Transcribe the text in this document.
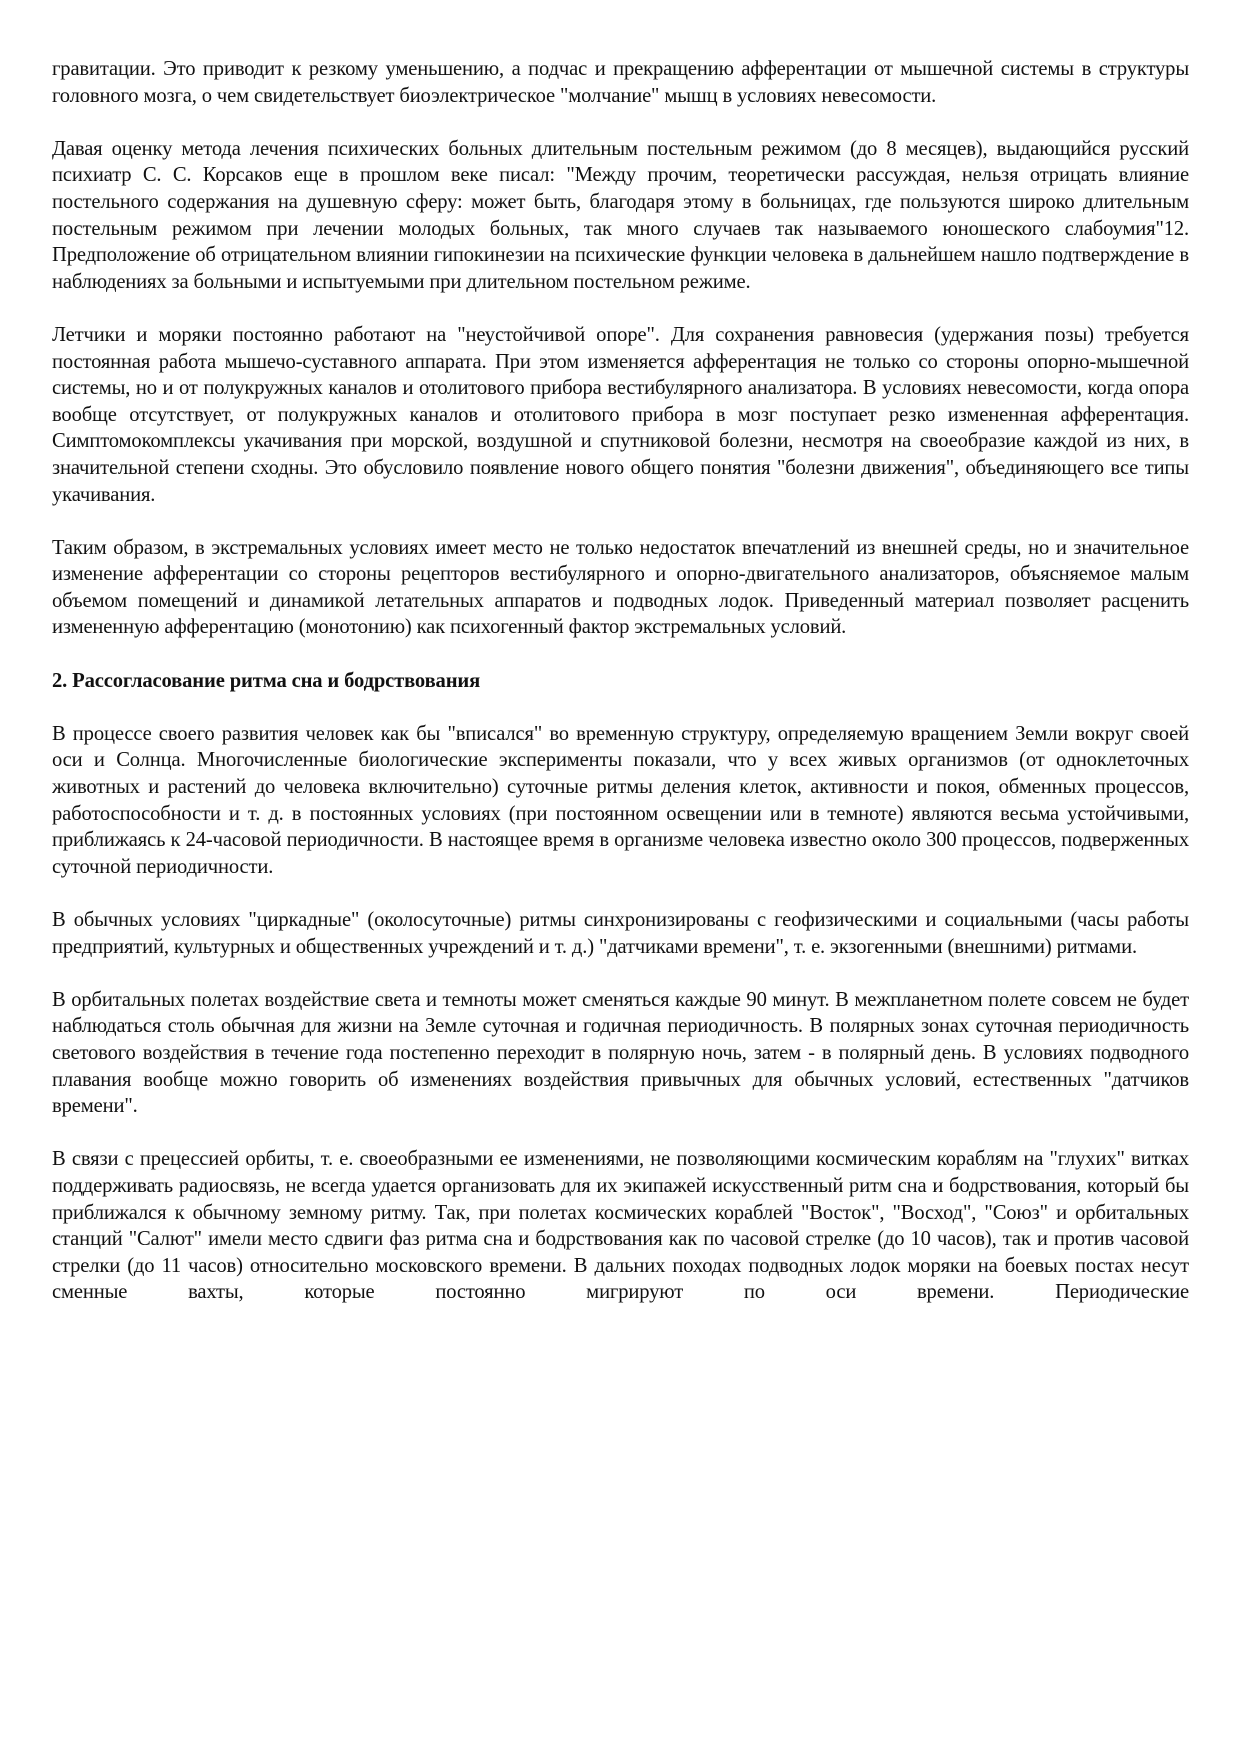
гравитации. Это приводит к резкому уменьшению, а подчас и прекращению афферентации от мышечной системы в структуры головного мозга, о чем свидетельствует биоэлектрическое "молчание" мышц в условиях невесомости.

Давая оценку метода лечения психических больных длительным постельным режимом (до 8 месяцев), выдающийся русский психиатр С. С. Корсаков еще в прошлом веке писал: "Между прочим, теоретически рассуждая, нельзя отрицать влияние постельного содержания на душевную сферу: может быть, благодаря этому в больницах, где пользуются широко длительным постельным режимом при лечении молодых больных, так много случаев так называемого юношеского слабоумия"12. Предположение об отрицательном влиянии гипокинезии на психические функции человека в дальнейшем нашло подтверждение в наблюдениях за больными и испытуемыми при длительном постельном режиме.

Летчики и моряки постоянно работают на "неустойчивой опоре". Для сохранения равновесия (удержания позы) требуется постоянная работа мышечо-суставного аппарата. При этом изменяется афферентация не только со стороны опорно-мышечной системы, но и от полукружных каналов и отолитового прибора вестибулярного анализатора. В условиях невесомости, когда опора вообще отсутствует, от полукружных каналов и отолитового прибора в мозг поступает резко измененная афферентация. Симптомокомплексы укачивания при морской, воздушной и спутниковой болезни, несмотря на своеобразие каждой из них, в значительной степени сходны. Это обусловило появление нового общего понятия "болезни движения", объединяющего все типы укачивания.

Таким образом, в экстремальных условиях имеет место не только недостаток впечатлений из внешней среды, но и значительное изменение афферентации со стороны рецепторов вестибулярного и опорно-двигательного анализаторов, объясняемое малым объемом помещений и динамикой летательных аппаратов и подводных лодок. Приведенный материал позволяет расценить измененную афферентацию (монотонию) как психогенный фактор экстремальных условий.

2. Рассогласование ритма сна и бодрствования

В процессе своего развития человек как бы "вписался" во временную структуру, определяемую вращением Земли вокруг своей оси и Солнца. Многочисленные биологические эксперименты показали, что у всех живых организмов (от одноклеточных животных и растений до человека включительно) суточные ритмы деления клеток, активности и покоя, обменных процессов, работоспособности и т. д. в постоянных условиях (при постоянном освещении или в темноте) являются весьма устойчивыми, приближаясь к 24-часовой периодичности. В настоящее время в организме человека известно около 300 процессов, подверженных суточной периодичности.

В обычных условиях "циркадные" (околосуточные) ритмы синхронизированы с геофизическими и социальными (часы работы предприятий, культурных и общественных учреждений и т. д.) "датчиками времени", т. е. экзогенными (внешними) ритмами.

В орбитальных полетах воздействие света и темноты может сменяться каждые 90 минут. В межпланетном полете совсем не будет наблюдаться столь обычная для жизни на Земле суточная и годичная периодичность. В полярных зонах суточная периодичность светового воздействия в течение года постепенно переходит в полярную ночь, затем - в полярный день. В условиях подводного плавания вообще можно говорить об изменениях воздействия привычных для обычных условий, естественных "датчиков времени".

В связи с прецессией орбиты, т. е. своеобразными ее изменениями, не позволяющими космическим кораблям на "глухих" витках поддерживать радиосвязь, не всегда удается организовать для их экипажей искусственный ритм сна и бодрствования, который бы приближался к обычному земному ритму. Так, при полетах космических кораблей "Восток", "Восход", "Союз" и орбитальных станций "Салют" имели место сдвиги фаз ритма сна и бодрствования как по часовой стрелке (до 10 часов), так и против часовой стрелки (до 11 часов) относительно московского времени. В дальних походах подводных лодок моряки на боевых постах несут сменные вахты, которые постоянно мигрируют по оси времени. Периодические
